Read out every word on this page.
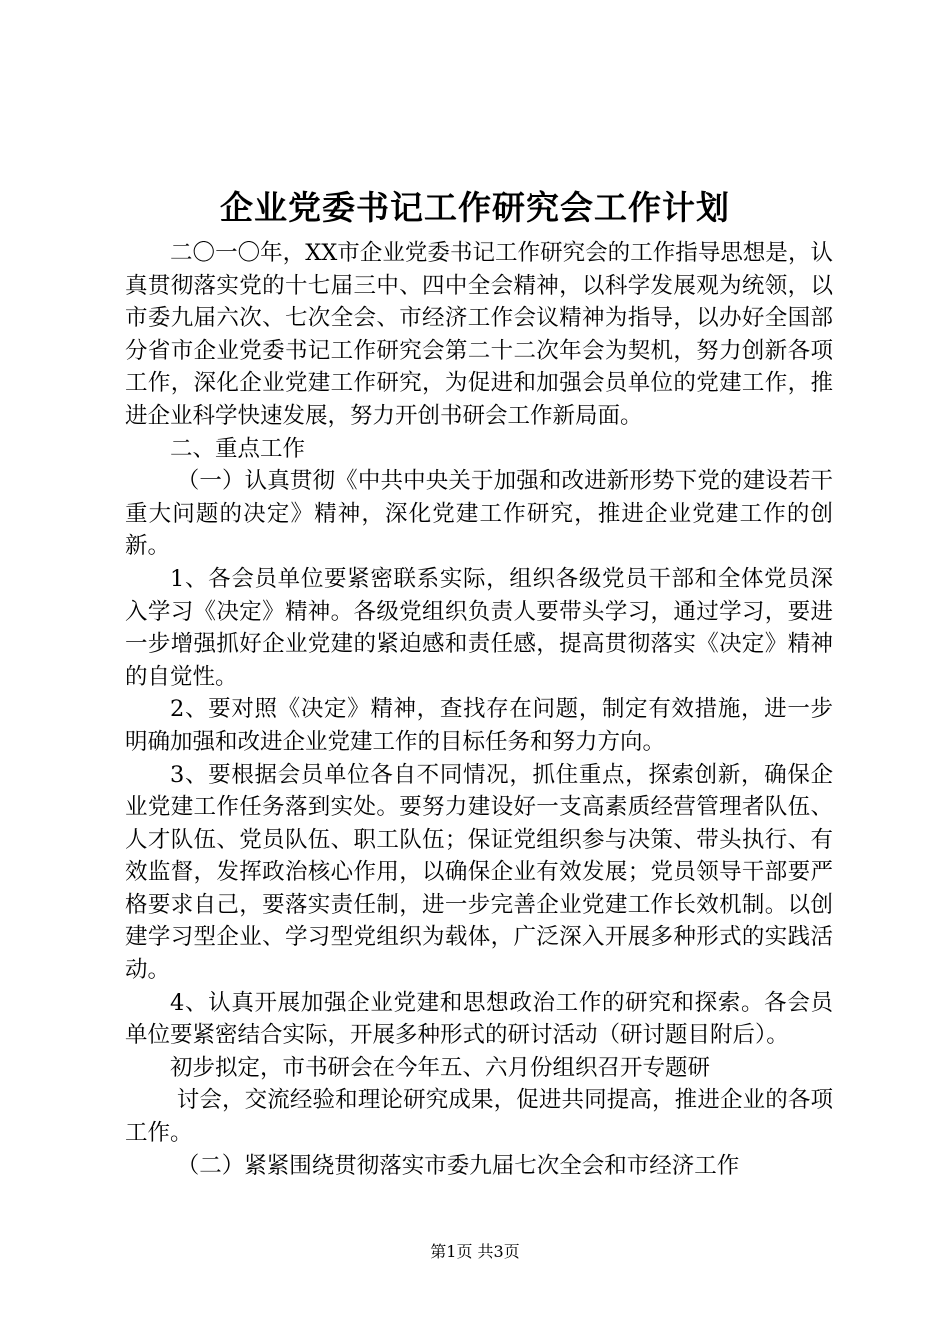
企业党委书记工作研究会工作计划

二〇一〇年，XX市企业党委书记工作研究会的工作指导思想是，认真贯彻落实党的十七届三中、四中全会精神，以科学发展观为统领，以市委九届六次、七次全会、市经济工作会议精神为指导，以办好全国部分省市企业党委书记工作研究会第二十二次年会为契机，努力创新各项工作，深化企业党建工作研究，为促进和加强会员单位的党建工作，推进企业科学快速发展，努力开创书研会工作新局面。

二、重点工作

（一）认真贯彻《中共中央关于加强和改进新形势下党的建设若干重大问题的决定》精神，深化党建工作研究，推进企业党建工作的创新。

1、各会员单位要紧密联系实际，组织各级党员干部和全体党员深入学习《决定》精神。各级党组织负责人要带头学习，通过学习，要进一步增强抓好企业党建的紧迫感和责任感，提高贯彻落实《决定》精神的自觉性。

2、要对照《决定》精神，查找存在问题，制定有效措施，进一步明确加强和改进企业党建工作的目标任务和努力方向。

3、要根据会员单位各自不同情况，抓住重点，探索创新，确保企业党建工作任务落到实处。要努力建设好一支高素质经营管理者队伍、人才队伍、党员队伍、职工队伍；保证党组织参与决策、带头执行、有效监督，发挥政治核心作用，以确保企业有效发展；党员领导干部要严格要求自己，要落实责任制，进一步完善企业党建工作长效机制。以创建学习型企业、学习型党组织为载体，广泛深入开展多种形式的实践活动。

4、认真开展加强企业党建和思想政治工作的研究和探索。各会员单位要紧密结合实际，开展多种形式的研讨活动（研讨题目附后）。

初步拟定，市书研会在今年五、六月份组织召开专题研

讨会，交流经验和理论研究成果，促进共同提高，推进企业的各项工作。

（二）紧紧围绕贯彻落实市委九届七次全会和市经济工作

第1页 共3页
